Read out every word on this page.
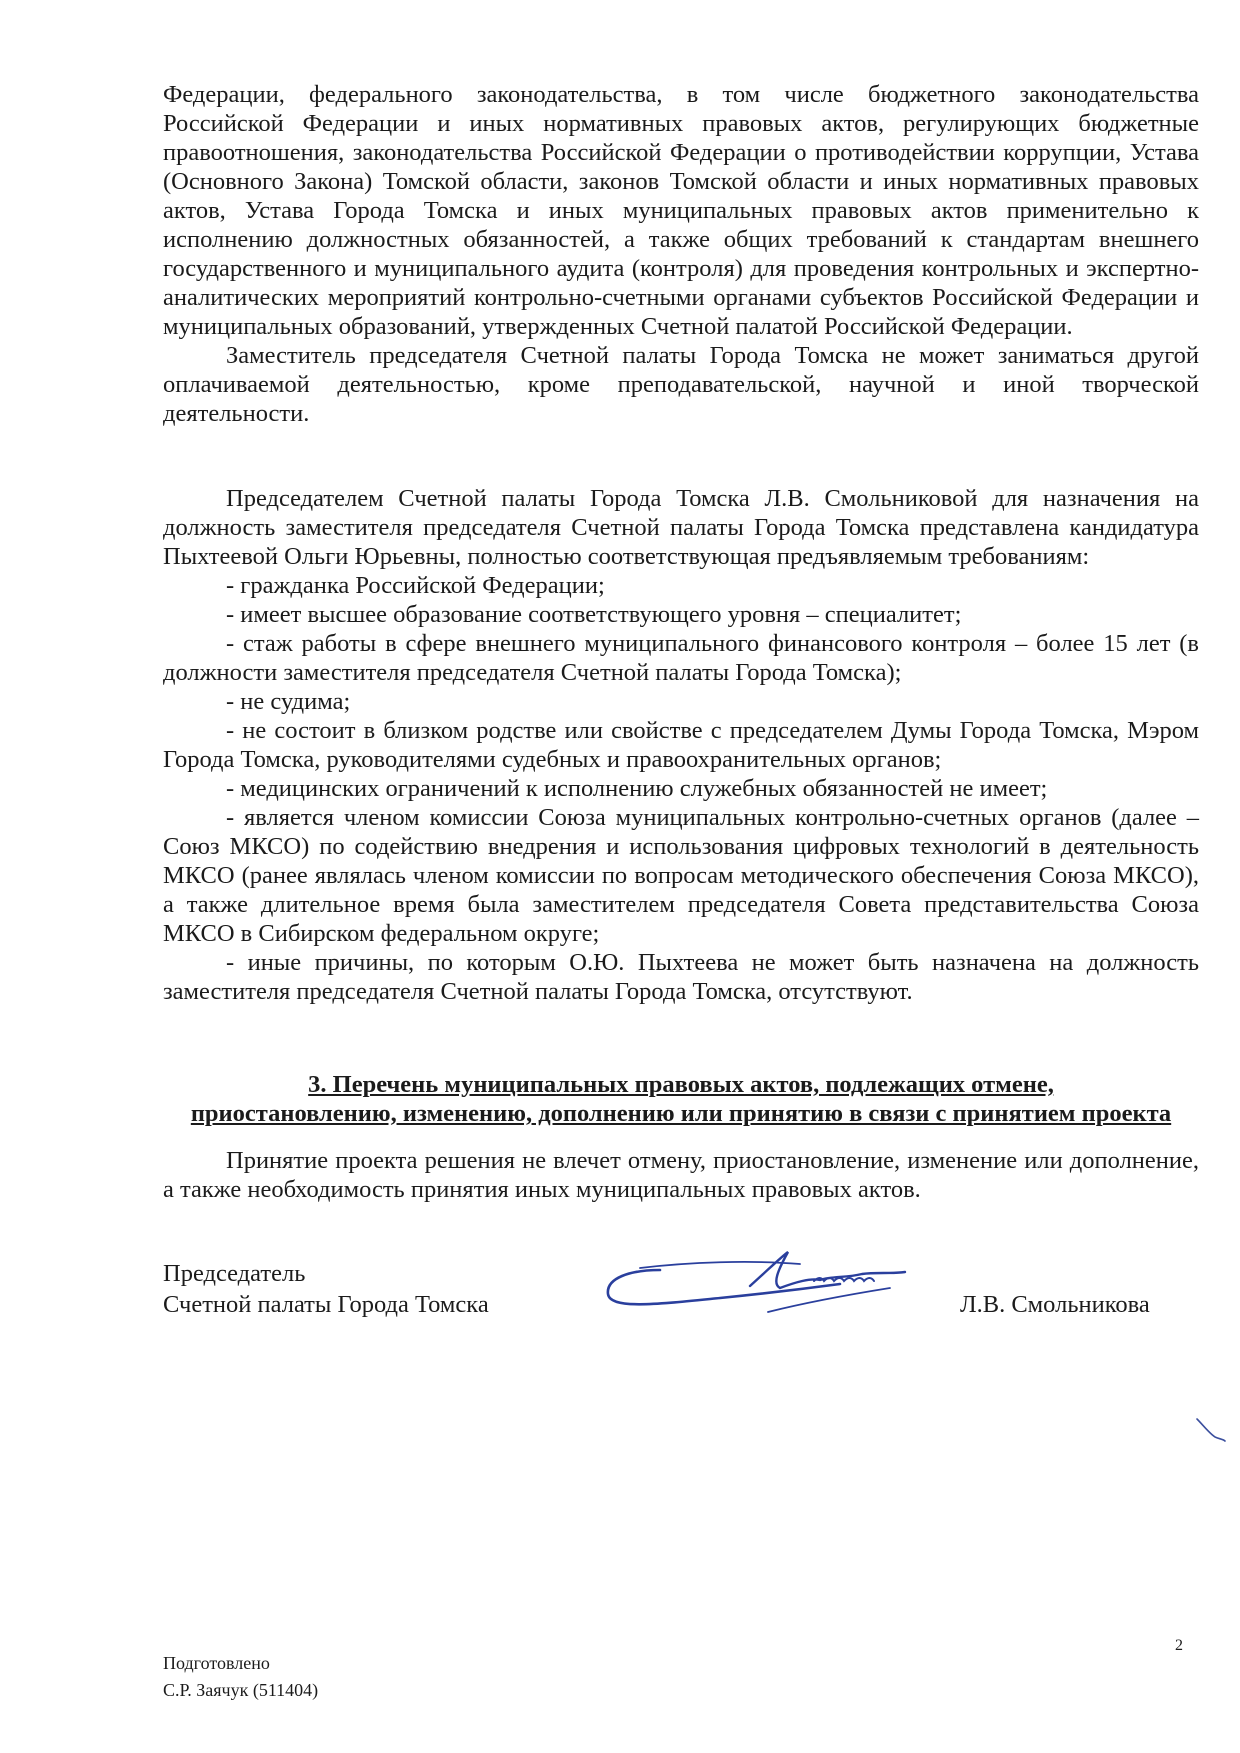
Федерации, федерального законодательства, в том числе бюджетного законодательства Российской Федерации и иных нормативных правовых актов, регулирующих бюджетные правоотношения, законодательства Российской Федерации о противодействии коррупции, Устава (Основного Закона) Томской области, законов Томской области и иных нормативных правовых актов, Устава Города Томска и иных муниципальных правовых актов применительно к исполнению должностных обязанностей, а также общих требований к стандартам внешнего государственного и муниципального аудита (контроля) для проведения контрольных и экспертно-аналитических мероприятий контрольно-счетными органами субъектов Российской Федерации и муниципальных образований, утвержденных Счетной палатой Российской Федерации.

Заместитель председателя Счетной палаты Города Томска не может заниматься другой оплачиваемой деятельностью, кроме преподавательской, научной и иной творческой деятельности.

Председателем Счетной палаты Города Томска Л.В. Смольниковой для назначения на должность заместителя председателя Счетной палаты Города Томска представлена кандидатура Пыхтеевой Ольги Юрьевны, полностью соответствующая предъявляемым требованиям:

- гражданка Российской Федерации;

- имеет высшее образование соответствующего уровня – специалитет;

- стаж работы в сфере внешнего муниципального финансового контроля – более 15 лет (в должности заместителя председателя Счетной палаты Города Томска);

- не судима;

- не состоит в близком родстве или свойстве с председателем Думы Города Томска, Мэром Города Томска, руководителями судебных и правоохранительных органов;

- медицинских ограничений к исполнению служебных обязанностей не имеет;

- является членом комиссии Союза муниципальных контрольно-счетных органов (далее – Союз МКСО) по содействию внедрения и использования цифровых технологий в деятельность МКСО (ранее являлась членом комиссии по вопросам методического обеспечения Союза МКСО), а также длительное время была заместителем председателя Совета представительства Союза МКСО в Сибирском федеральном округе;

- иные причины, по которым О.Ю. Пыхтеева не может быть назначена на должность заместителя председателя Счетной палаты Города Томска, отсутствуют.

3. Перечень муниципальных правовых актов, подлежащих отмене,
приостановлению, изменению, дополнению или принятию в связи с принятием проекта

Принятие проекта решения не влечет отмену, приостановление, изменение или дополнение, а также необходимость принятия иных муниципальных правовых актов.

Председатель
Счетной палаты Города Томска	Л.В. Смольникова
Подготовлено
С.Р. Заячук (511404)
2
